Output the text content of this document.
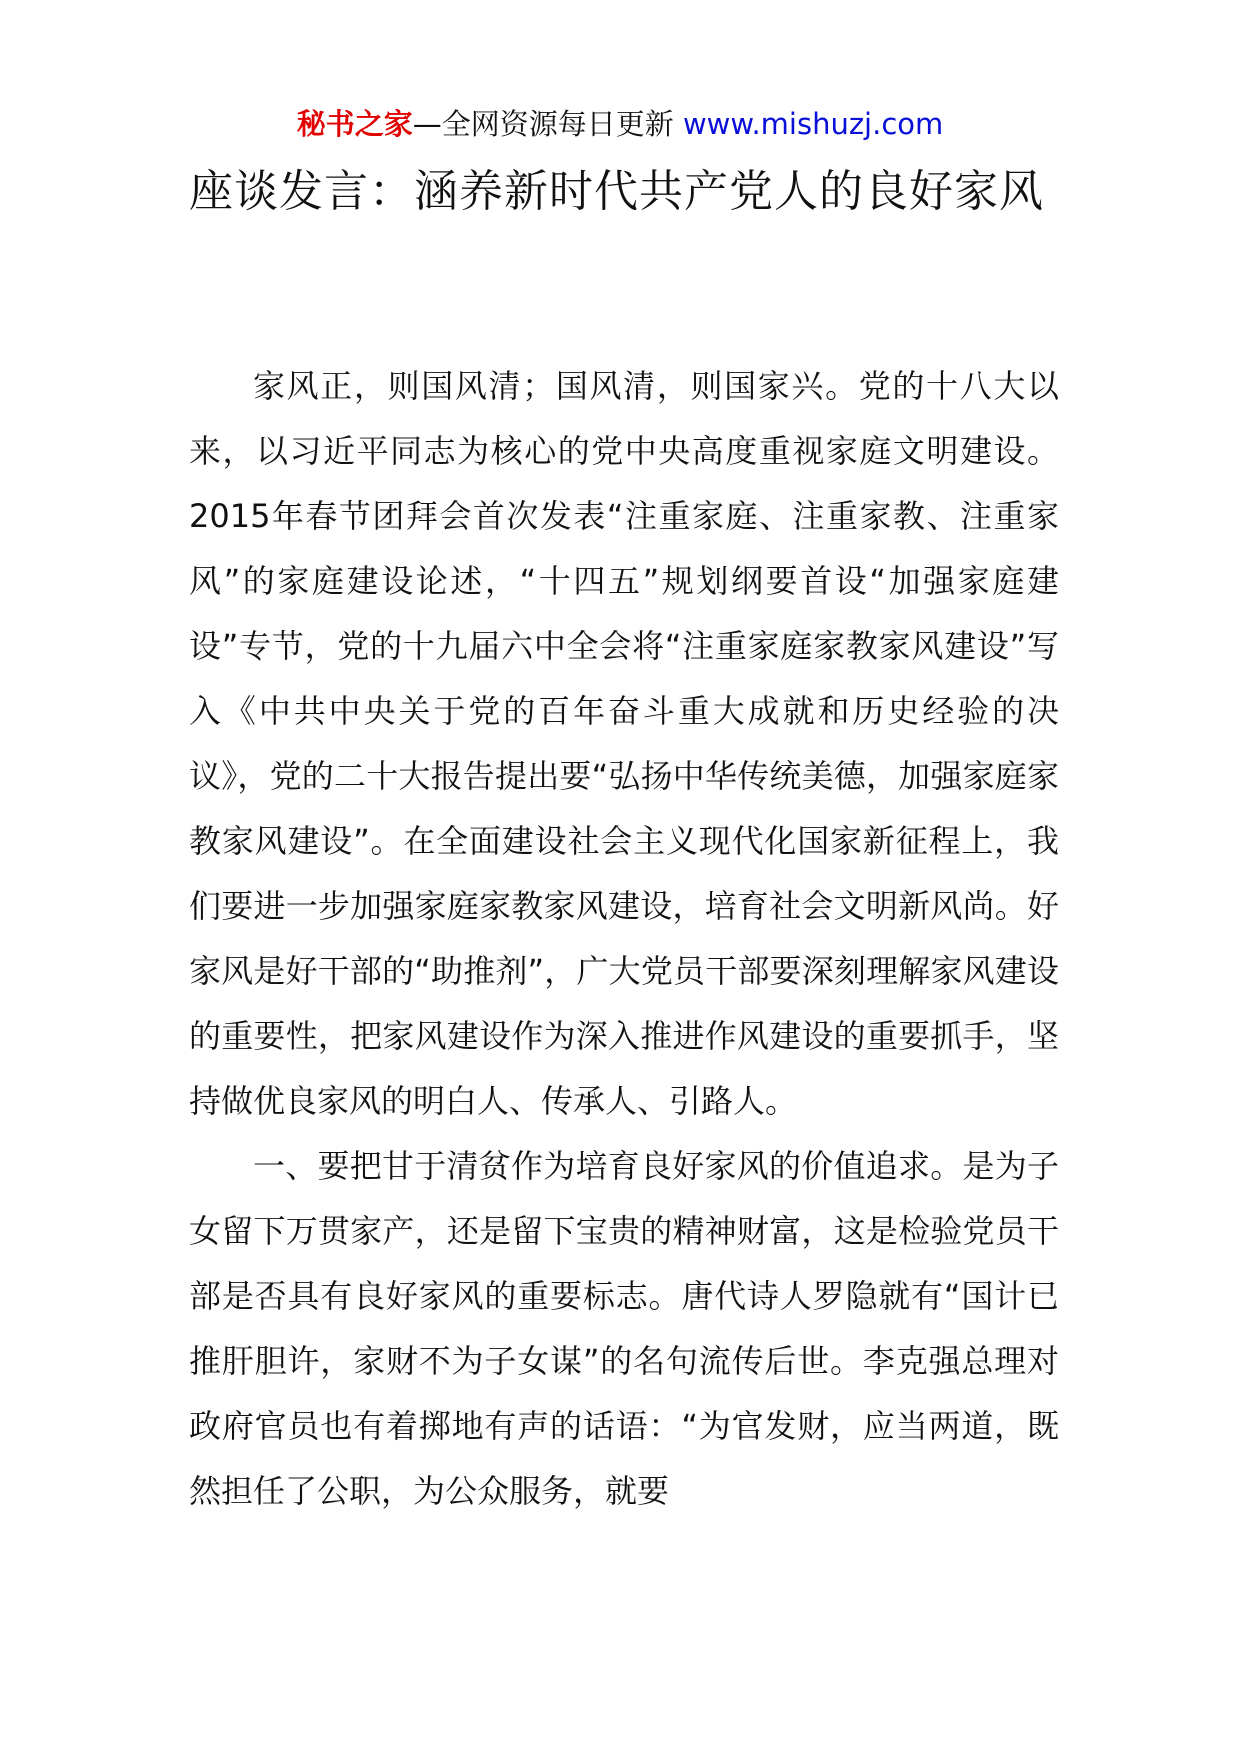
秘书之家—全网资源每日更新 www.mishuzj.com
座谈发言：涵养新时代共产党人的良好家风

家风正，则国风清；国风清，则国家兴。党的十八大以来，以习近平同志为核心的党中央高度重视家庭文明建设。2015年春节团拜会首次发表“注重家庭、注重家教、注重家风”的家庭建设论述，“十四五”规划纲要首设“加强家庭建设”专节，党的十九届六中全会将“注重家庭家教家风建设”写入《中共中央关于党的百年奋斗重大成就和历史经验的决议》，党的二十大报告提出要“弘扬中华传统美德，加强家庭家教家风建设”。在全面建设社会主义现代化国家新征程上，我们要进一步加强家庭家教家风建设，培育社会文明新风尚。好家风是好干部的“助推剂”，广大党员干部要深刻理解家风建设的重要性，把家风建设作为深入推进作风建设的重要抓手，坚持做优良家风的明白人、传承人、引路人。

一、要把甘于清贫作为培育良好家风的价值追求。是为子女留下万贯家产，还是留下宝贵的精神财富，这是检验党员干部是否具有良好家风的重要标志。唐代诗人罗隐就有“国计已推肝胆许，家财不为子女谋”的名句流传后世。李克强总理对政府官员也有着掷地有声的话语：“为官发财，应当两道，既然担任了公职，为公众服务，就要
